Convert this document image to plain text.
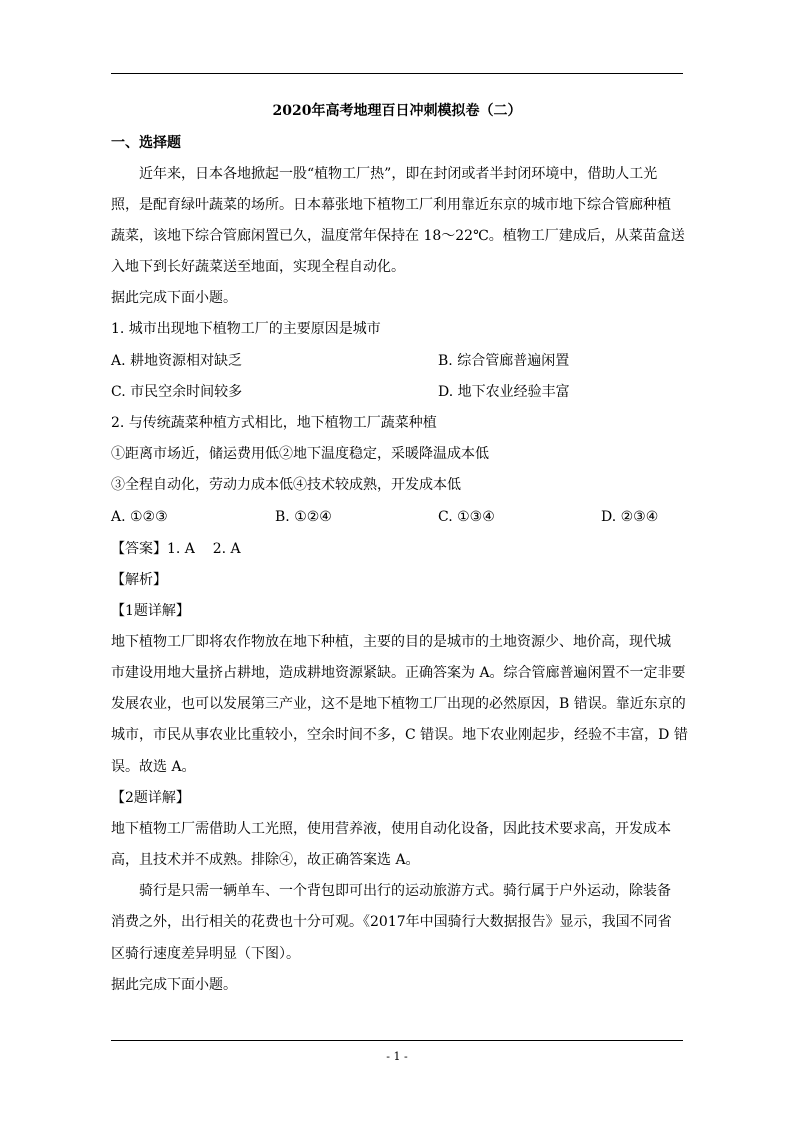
2020年高考地理百日冲刺模拟卷（二）
一、选择题
近年来，日本各地掀起一股“植物工厂热”，即在封闭或者半封闭环境中，借助人工光
照，是配育绿叶蔬菜的场所。日本幕张地下植物工厂利用靠近东京的城市地下综合管廊种植
蔬菜，该地下综合管廊闲置已久，温度常年保持在 18～22℃。植物工厂建成后，从菜苗盒送
入地下到长好蔬菜送至地面，实现全程自动化。
据此完成下面小题。
1. 城市出现地下植物工厂的主要原因是城市
A. 耕地资源相对缺乏	B. 综合管廊普遍闲置
C. 市民空余时间较多	D. 地下农业经验丰富
2. 与传统蔬菜种植方式相比，地下植物工厂蔬菜种植
①距离市场近，储运费用低②地下温度稳定，采暖降温成本低
③全程自动化，劳动力成本低④技术较成熟，开发成本低
A. ①②③	B. ①②④	C. ①③④	D. ②③④
【答案】1. A    2. A
【解析】
【1题详解】
地下植物工厂即将农作物放在地下种植，主要的目的是城市的土地资源少、地价高，现代城
市建设用地大量挤占耕地，造成耕地资源紧缺。正确答案为 A。综合管廊普遍闲置不一定非要
发展农业，也可以发展第三产业，这不是地下植物工厂出现的必然原因，B 错误。靠近东京的
城市，市民从事农业比重较小，空余时间不多，C 错误。地下农业刚起步，经验不丰富，D 错
误。故选 A。
【2题详解】
地下植物工厂需借助人工光照，使用营养液，使用自动化设备，因此技术要求高，开发成本
高，且技术并不成熟。排除④，故正确答案选 A。
骑行是只需一辆单车、一个背包即可出行的运动旅游方式。骑行属于户外运动，除装备
消费之外，出行相关的花费也十分可观。《2017年中国骑行大数据报告》显示，我国不同省
区骑行速度差异明显（下图）。
据此完成下面小题。
- 1 -
